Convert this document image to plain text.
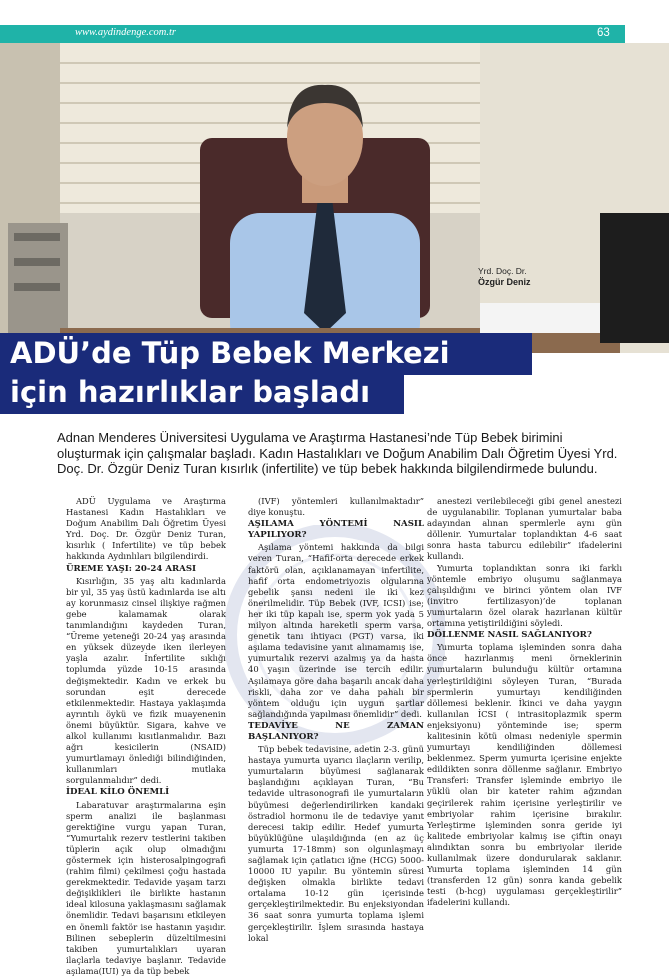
www.aydindenge.com.tr	63
Yrd. Doç. Dr.
Özgür Deniz
ADÜ’de Tüp Bebek Merkezi
için hazırlıklar başladı
Adnan Menderes Üniversitesi Uygulama ve Araştırma Hastanesi’nde Tüp Bebek birimini oluşturmak için çalışmalar başladı. Kadın Hastalıkları ve Doğum Anabilim Dalı Öğretim Üyesi Yrd. Doç. Dr. Özgür Deniz Turan kısırlık (infertilite) ve tüp bebek hakkında bilgilendirmede bulundu.

ADÜ Uygulama ve Araştırma Hastanesi Kadın Hastalıkları ve Doğum Anabilim Dalı Öğretim Üyesi Yrd. Doç. Dr. Özgür Deniz Turan, kısırlık ( Infertilite) ve tüp bebek hakkında Aydınlıları bilgilendirdi.

ÜREME YAŞI: 20-24 ARASI

Kısırlığın, 35 yaş altı kadınlarda bir yıl, 35 yaş üstü kadınlarda ise altı ay korunmasız cinsel ilişkiye rağmen gebe kalamamak olarak tanımlandığını kaydeden Turan, “Üreme yeteneği 20-24 yaş arasında en yüksek düzeyde iken ilerleyen yaşla azalır. İnfertilite sıklığı toplumda yüzde 10-15 arasında değişmektedir. Kadın ve erkek bu sorundan eşit derecede etkilenmektedir. Hastaya yaklaşımda ayrıntılı öykü ve fizik muayenenin önemi büyüktür. Sigara, kahve ve alkol kullanımı kısıtlanmalıdır. Bazı ağrı kesicilerin (NSAID) yumurtlamayı önlediği bilindiğinden, kullanımları mutlaka sorgulanmalıdır” dedi.

İDEAL KİLO ÖNEMLİ

Labaratuvar araştırmalarına eşin sperm analizi ile başlanması gerektiğine vurgu yapan Turan, “Yumurtalık rezerv testlerini takiben tüplerin açık olup olmadığını göstermek için histerosalpingografi (rahim filmi) çekilmesi çoğu hastada gerekmektedir. Tedavide yaşam tarzı değişiklikleri ile birlikte hastanın ideal kilosuna yaklaşmasını sağlamak önemlidir. Tedavi başarısını etkileyen en önemli faktör ise hastanın yaşıdır. Bilinen sebeplerin düzeltilmesini takiben yumurtalıkları uyaran ilaçlarla tedaviye başlanır. Tedavide aşılama(IUI) ya da tüp bebek

(IVF) yöntemleri kullanılmaktadır” diye konuştu.

AŞILAMA YÖNTEMİ NASIL YAPILIYOR?

Aşılama yöntemi hakkında da bilgi veren Turan, “Hafif-orta derecede erkek faktörü olan, açıklanamayan infertilite, hafif orta endometriyozis olgularına gebelik şansı nedeni ile iki kez önerilmelidir. Tüp Bebek (IVF, ICSI) ise; her iki tüp kapalı ise, sperm yok yada 5 milyon altında hareketli sperm varsa, genetik tanı ihtiyacı (PGT) varsa, iki aşılama tedavisine yanıt alınamamış ise, yumurtalık rezervi azalmış ya da hasta 40 yaşın üzerinde ise tercih edilir. Aşılamaya göre daha başarılı ancak daha riskli, daha zor ve daha pahalı bir yöntem olduğu için uygun şartlar sağlandığında yapılması önemlidir” dedi.

TEDAVİYE NE ZAMAN BAŞLANIYOR?

Tüp bebek tedavisine, adetin 2-3. günü hastaya yumurta uyarıcı ilaçların verilip, yumurtaların büyümesi sağlanarak başlandığını açıklayan Turan, “Bu tedavide ultrasonografi ile yumurtaların büyümesi değerlendirilirken kandaki östradiol hormonu ile de tedaviye yanıt derecesi takip edilir. Hedef yumurta büyüklüğüne ulaşıldığında (en az üç yumurta 17-18mm) son olgunlaşmayı sağlamak için çatlatıcı iğne (HCG) 5000-10000 IU yapılır. Bu yöntemin süresi değişken olmakla birlikte tedavi ortalama 10-12 gün içerisinde gerçekleştirilmektedir. Bu enjeksiyondan 36 saat sonra yumurta toplama işlemi gerçekleştirilir. İşlem sırasında hastaya lokal

anestezi verilebileceği gibi genel anestezi de uygulanabilir. Toplanan yumurtalar baba adayından alınan spermlerle aynı gün döllenir. Yumurtalar toplandıktan 4-6 saat sonra hasta taburcu edilebilir” ifadelerini kullandı.

Yumurta toplandıktan sonra iki farklı yöntemle embriyo oluşumu sağlanmaya çalışıldığını ve birinci yöntem olan IVF (invitro fertilizasyon)’de toplanan yumurtaların özel olarak hazırlanan kültür ortamına yetiştirildiğini söyledi.

DÖLLENME NASIL SAĞLANIYOR?

Yumurta toplama işleminden sonra daha önce hazırlanmış meni örneklerinin yumurtaların bulunduğu kültür ortamına yerleştirildiğini söyleyen Turan, “Burada spermlerin yumurtayı kendiliğinden döllemesi beklenir. İkinci ve daha yaygın kullanılan İCSI ( intrasitoplazmik sperm enjeksiyonu) yönteminde ise; sperm kalitesinin kötü olması nedeniyle spermin yumurtayı kendiliğinden döllemesi beklenmez. Sperm yumurta içerisine enjekte edildikten sonra döllenme sağlanır. Embriyo Transferi: Transfer işleminde embriyo ile yüklü olan bir kateter rahim ağzından geçirilerek rahim içerisine yerleştirilir ve embriyolar rahim içerisine bırakılır. Yerleştirme işleminden sonra geride iyi kalitede embriyolar kalmış ise çiftin onayı alındıktan sonra bu embriyolar ileride kullanılmak üzere dondurularak saklanır. Yumurta toplama işleminden 14 gün (transferden 12 gün) sonra kanda gebelik testi (b-hcg) uygulaması gerçekleştirilir” ifadelerini kullandı.
